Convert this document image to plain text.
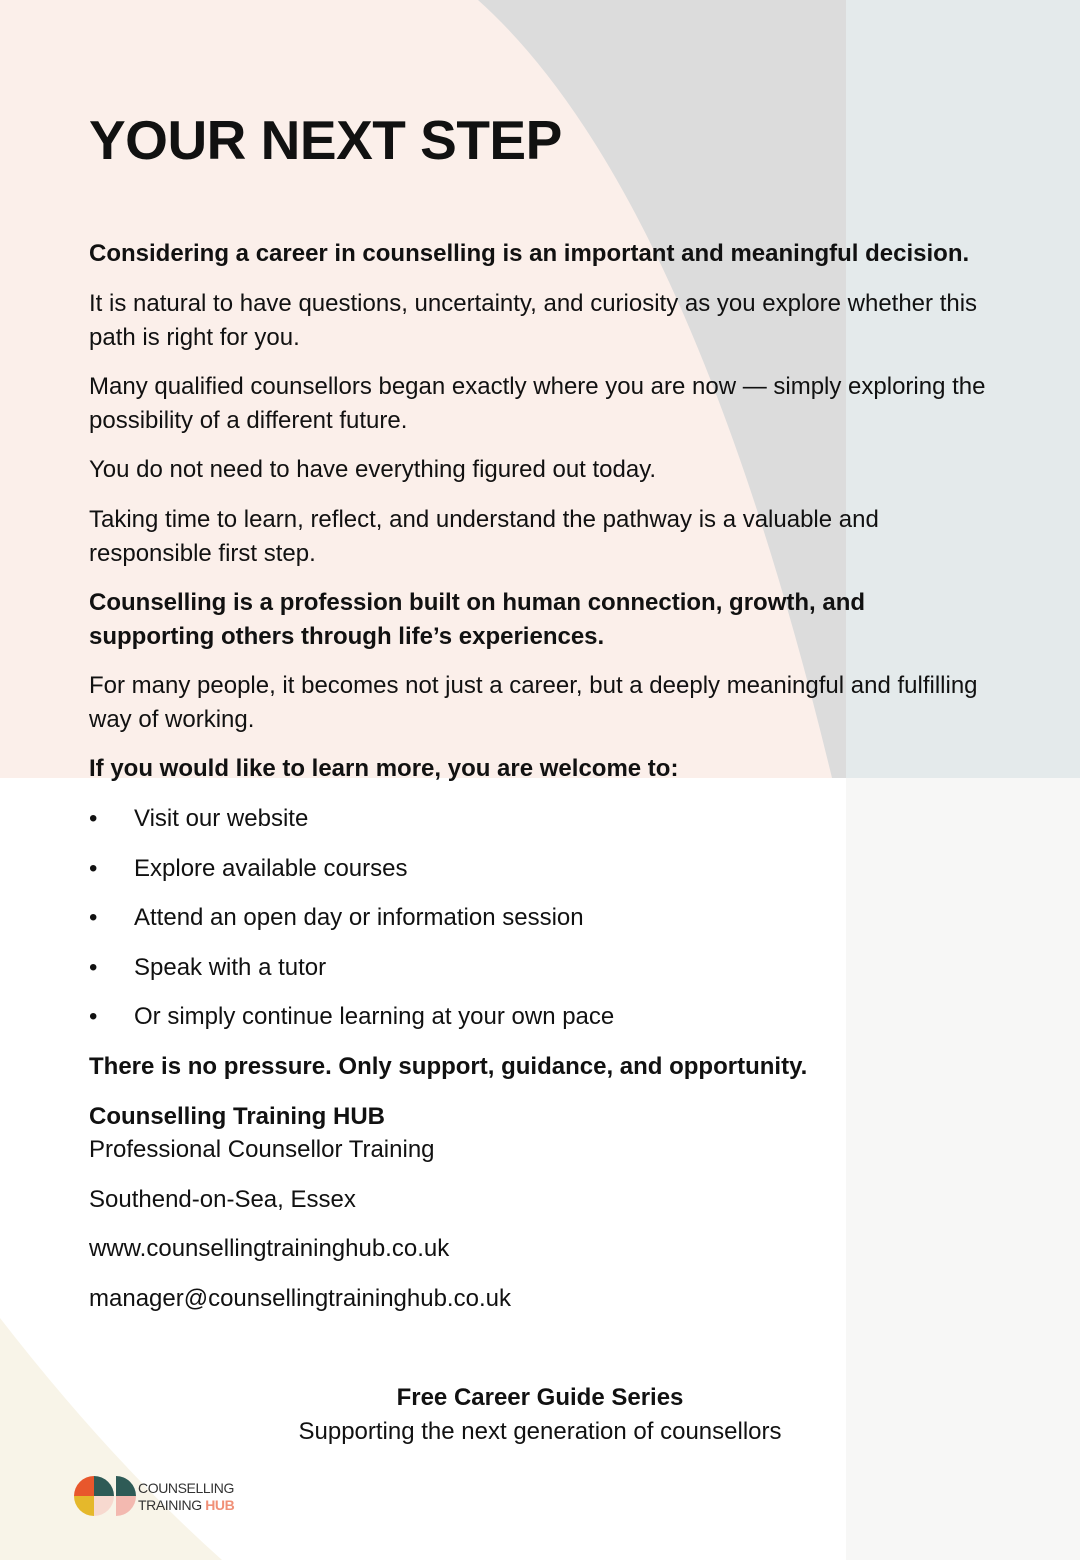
YOUR NEXT STEP

Considering a career in counselling is an important and meaningful decision.

It is natural to have questions, uncertainty, and curiosity as you explore whether this path is right for you.

Many qualified counsellors began exactly where you are now — simply exploring the possibility of a different future.

You do not need to have everything figured out today.

Taking time to learn, reflect, and understand the pathway is a valuable and responsible first step.

Counselling is a profession built on human connection, growth, and supporting others through life’s experiences.

For many people, it becomes not just a career, but a deeply meaningful and fulfilling way of working.

If you would like to learn more, you are welcome to:

• Visit our website
• Explore available courses
• Attend an open day or information session
• Speak with a tutor
• Or simply continue learning at your own pace

There is no pressure. Only support, guidance, and opportunity.

Counselling Training HUB

Professional Counsellor Training

Southend-on-Sea, Essex

www.counsellingtraininghub.co.uk

manager@counsellingtraininghub.co.uk

Free Career Guide Series
Supporting the next generation of counsellors
COUNSELLING
TRAINING HUB
